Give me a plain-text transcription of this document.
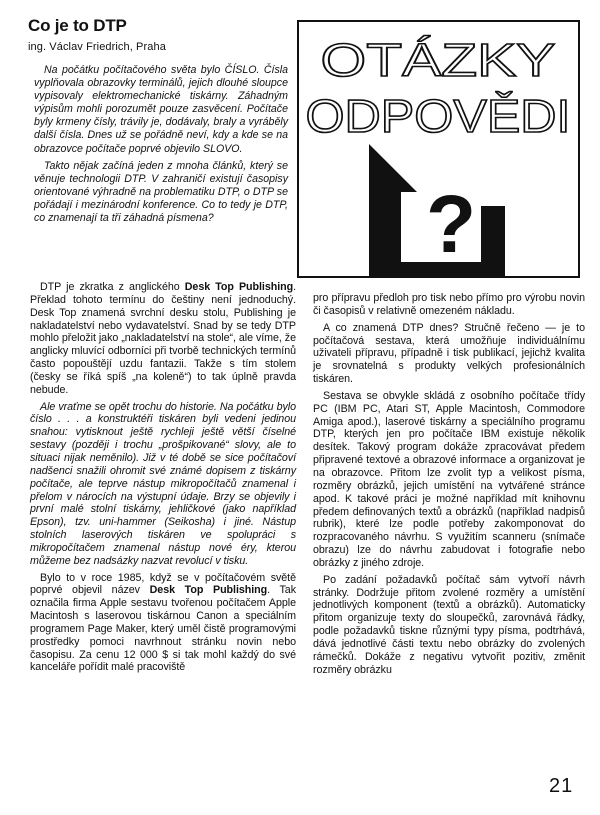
Co je to DTP
ing. Václav Friedrich, Praha

Na počátku počítačového světa bylo ČÍSLO. Čísla vyplňovala obrazovky terminálů, jejich dlouhé sloupce vypisovaly elektromechanické tiskárny. Záhadným výpisům mohli porozumět pouze zasvěcení. Počítače byly krmeny čísly, trávily je, dodávaly, braly a vyráběly další čísla. Dnes už se pořádně neví, kdy a kde se na obrazovce počítače poprvé objevilo SLOVO.

Takto nějak začíná jeden z mnoha článků, který se věnuje technologii DTP. V zahraničí existují časopisy orientované výhradně na problematiku DTP, o DTP se pořádají i mezinárodní konference. Co to tedy je DTP, co znamenají ta tři záhadná písmena?

OTÁZKY
ODPOVĚDI
?

DTP je zkratka z anglického Desk Top Publishing. Překlad tohoto termínu do češtiny není jednoduchý. Desk Top znamená svrchní desku stolu, Publishing je nakladatelství nebo vydavatelství. Snad by se tedy DTP mohlo přeložit jako „nakladatelství na stole“, ale víme, že anglicky mluvící odborníci při tvorbě technických termínů často popouštějí uzdu fantazii. Takže s tím stolem (česky se říká spíš „na koleně“) to tak úplně pravda nebude.

Ale vraťme se opět trochu do historie. Na počátku bylo číslo . . . a konstruktéři tiskáren byli vedeni jedinou snahou: vytisknout ještě rychleji ještě větší číselné sestavy (později i trochu „prošpikované“ slovy, ale to situaci nijak neměnilo). Již v té době se sice počítačoví nadšenci snažili ohromit své známé dopisem z tiskárny počítače, ale teprve nástup mikropočítačů znamenal i přelom v nárocích na výstupní údaje. Brzy se objevily i první malé stolní tiskárny, jehličkové (jako například Epson), tzv. uni-hammer (Seikosha) i jiné. Nástup stolních laserových tiskáren ve spolupráci s mikropočítačem znamenal nástup nové éry, kterou můžeme bez nadsázky nazvat revolucí v tisku.

Bylo to v roce 1985, když se v počítačovém světě poprvé objevil název Desk Top Publishing. Tak označila firma Apple sestavu tvořenou počítačem Apple Macintosh s laserovou tiskárnou Canon a speciálním programem Page Maker, který uměl čistě programovými prostředky pomoci navrhnout stránku novin nebo časopisu. Za cenu 12 000 $ si tak mohl každý do své kanceláře pořídit malé pracoviště

pro přípravu předloh pro tisk nebo přímo pro výrobu novin či časopisů v relativně omezeném nákladu.

A co znamená DTP dnes? Stručně řečeno — je to počítačová sestava, která umožňuje individuálnímu uživateli přípravu, případně i tisk publikací, jejichž kvalita je srovnatelná s produkty velkých profesionálních tiskáren.

Sestava se obvykle skládá z osobního počítače třídy PC (IBM PC, Atari ST, Apple Macintosh, Commodore Amiga apod.), laserové tiskárny a speciálního programu DTP, kterých jen pro počítače IBM existuje několik desítek. Takový program dokáže zpracovávat předem připravené textové a obrazové informace a organizovat je na obrazovce. Přitom lze zvolit typ a velikost písma, rozměry obrázků, jejich umístění na vytvářené stránce apod. K takové práci je možné například mít knihovnu předem definovaných textů a obrázků (například nadpisů rubrik), které lze podle potřeby zakomponovat do rozpracovaného návrhu. S využitím scanneru (snímače obrazu) lze do návrhu zabudovat i fotografie nebo obrázky z jiného zdroje.

Po zadání požadavků počítač sám vytvoří návrh stránky. Dodržuje přitom zvolené rozměry a umístění jednotlivých komponent (textů a obrázků). Automaticky přitom organizuje texty do sloupečků, zarovnává řádky, podle požadavků tiskne různými typy písma, podtrhává, dává jednotlivé části textu nebo obrázky do zvolených rámečků. Dokáže z negativu vytvořit pozitiv, změnit rozměry obrázku

21
